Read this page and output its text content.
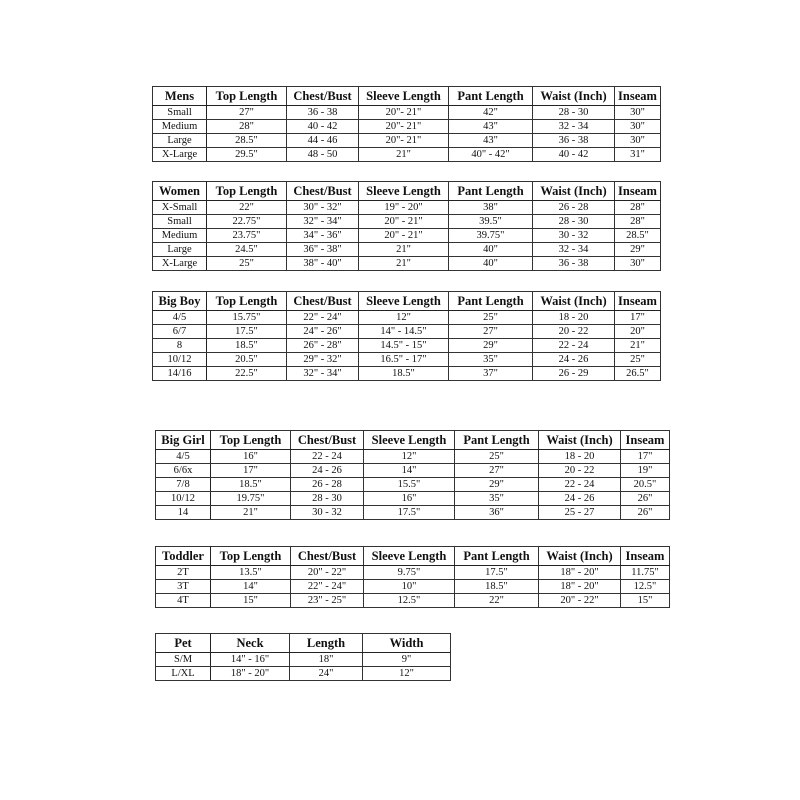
Mens	Top Length	Chest/Bust	Sleeve Length	Pant Length	Waist (Inch)	Inseam
Small	27"	36 - 38	20"- 21"	42"	28 - 30	30"
Medium	28"	40 - 42	20"- 21"	43"	32 - 34	30"
Large	28.5"	44 - 46	20"- 21"	43"	36 - 38	30"
X-Large	29.5"	48 - 50	21"	40" - 42"	40 - 42	31"
Women	Top Length	Chest/Bust	Sleeve Length	Pant Length	Waist (Inch)	Inseam
X-Small	22"	30" - 32"	19" - 20"	38"	26 - 28	28"
Small	22.75"	32" - 34"	20" - 21"	39.5"	28 - 30	28"
Medium	23.75"	34" - 36"	20" - 21"	39.75"	30 - 32	28.5"
Large	24.5"	36" - 38"	21"	40"	32 - 34	29"
X-Large	25"	38" - 40"	21"	40"	36 - 38	30"
Big Boy	Top Length	Chest/Bust	Sleeve Length	Pant Length	Waist (Inch)	Inseam
4/5	15.75"	22" - 24"	12"	25"	18 - 20	17"
6/7	17.5"	24" - 26"	14" - 14.5"	27"	20 - 22	20"
8	18.5"	26" - 28"	14.5" - 15"	29"	22 - 24	21"
10/12	20.5"	29" - 32"	16.5" - 17"	35"	24 - 26	25"
14/16	22.5"	32" - 34"	18.5"	37"	26 - 29	26.5"
Big Girl	Top Length	Chest/Bust	Sleeve Length	Pant Length	Waist (Inch)	Inseam
4/5	16"	22 - 24	12"	25"	18 - 20	17"
6/6x	17"	24 - 26	14"	27"	20 - 22	19"
7/8	18.5"	26 - 28	15.5"	29"	22 - 24	20.5"
10/12	19.75"	28 - 30	16"	35"	24 - 26	26"
14	21"	30 - 32	17.5"	36"	25 - 27	26"
Toddler	Top Length	Chest/Bust	Sleeve Length	Pant Length	Waist (Inch)	Inseam
2T	13.5"	20" - 22"	9.75"	17.5"	18" - 20"	11.75"
3T	14"	22" - 24"	10"	18.5"	18" - 20"	12.5"
4T	15"	23" - 25"	12.5"	22"	20" - 22"	15"
Pet	Neck	Length	Width
S/M	14" - 16"	18"	9"
L/XL	18" - 20"	24"	12"
